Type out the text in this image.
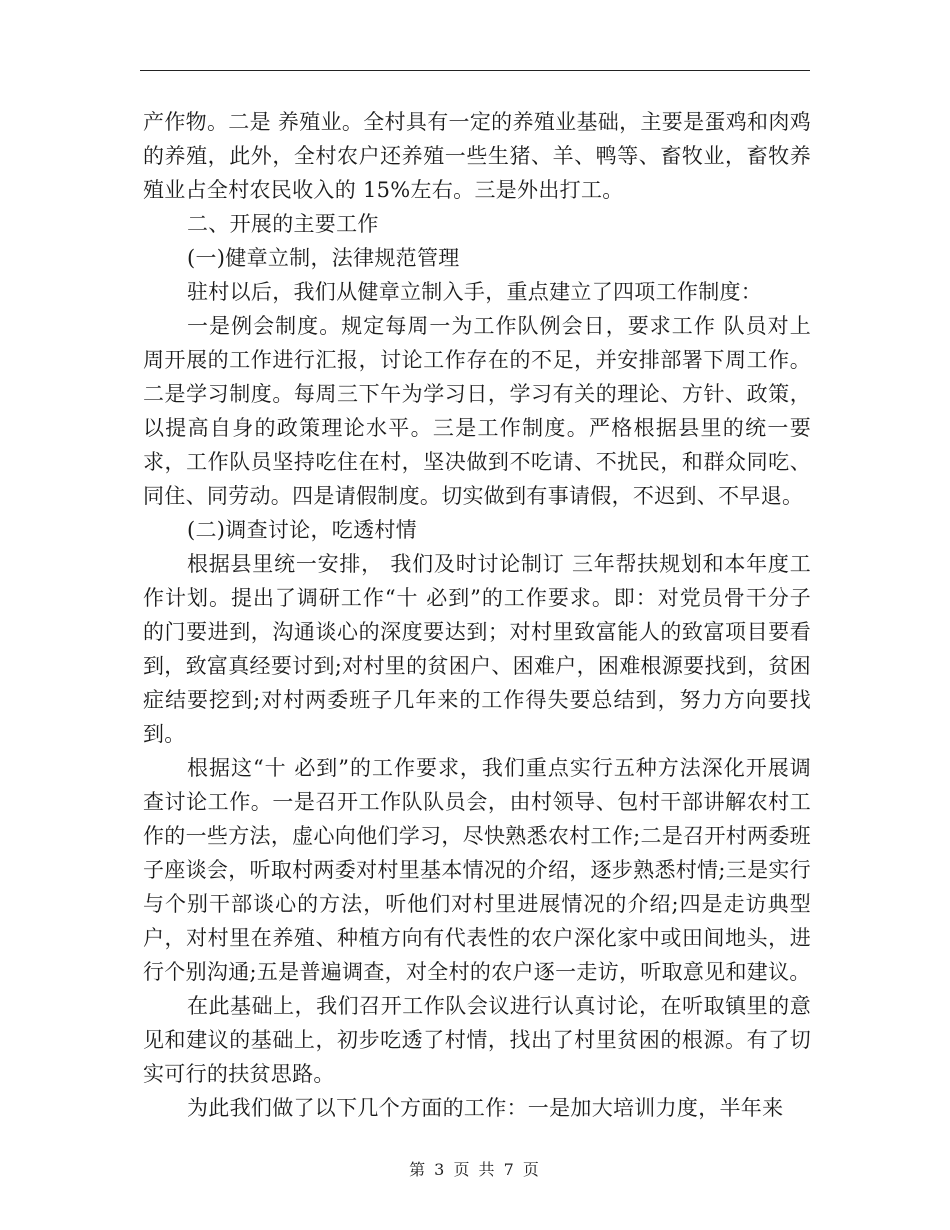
产作物。二是 养殖业。全村具有一定的养殖业基础，主要是蛋鸡和肉鸡的养殖，此外，全村农户还养殖一些生猪、羊、鸭等、畜牧业，畜牧养殖业占全村农民收入的 15%左右。三是外出打工。

二、开展的主要工作

(一)健章立制，法律规范管理

驻村以后，我们从健章立制入手，重点建立了四项工作制度：

一是例会制度。规定每周一为工作队例会日，要求工作 队员对上周开展的工作进行汇报，讨论工作存在的不足，并安排部署下周工作。二是学习制度。每周三下午为学习日，学习有关的理论、方针、政策，以提高自身的政策理论水平。三是工作制度。严格根据县里的统一要求，工作队员坚持吃住在村，坚决做到不吃请、不扰民，和群众同吃、同住、同劳动。四是请假制度。切实做到有事请假，不迟到、不早退。

(二)调查讨论，吃透村情

根据县里统一安排， 我们及时讨论制订 三年帮扶规划和本年度工作计划。提出了调研工作“十 必到”的工作要求。即：对党员骨干分子的门要进到，沟通谈心的深度要达到；对村里致富能人的致富项目要看到，致富真经要讨到;对村里的贫困户、困难户，困难根源要找到，贫困症结要挖到;对村两委班子几年来的工作得失要总结到，努力方向要找到。

根据这“十 必到”的工作要求，我们重点实行五种方法深化开展调查讨论工作。一是召开工作队队员会，由村领导、包村干部讲解农村工作的一些方法，虚心向他们学习，尽快熟悉农村工作;二是召开村两委班子座谈会，听取村两委对村里基本情况的介绍，逐步熟悉村情;三是实行与个别干部谈心的方法，听他们对村里进展情况的介绍;四是走访典型户，对村里在养殖、种植方向有代表性的农户深化家中或田间地头，进行个别沟通;五是普遍调查，对全村的农户逐一走访，听取意见和建议。

在此基础上，我们召开工作队会议进行认真讨论，在听取镇里的意见和建议的基础上，初步吃透了村情，找出了村里贫困的根源。有了切实可行的扶贫思路。

为此我们做了以下几个方面的工作：一是加大培训力度，半年来

第 3 页 共 7 页
